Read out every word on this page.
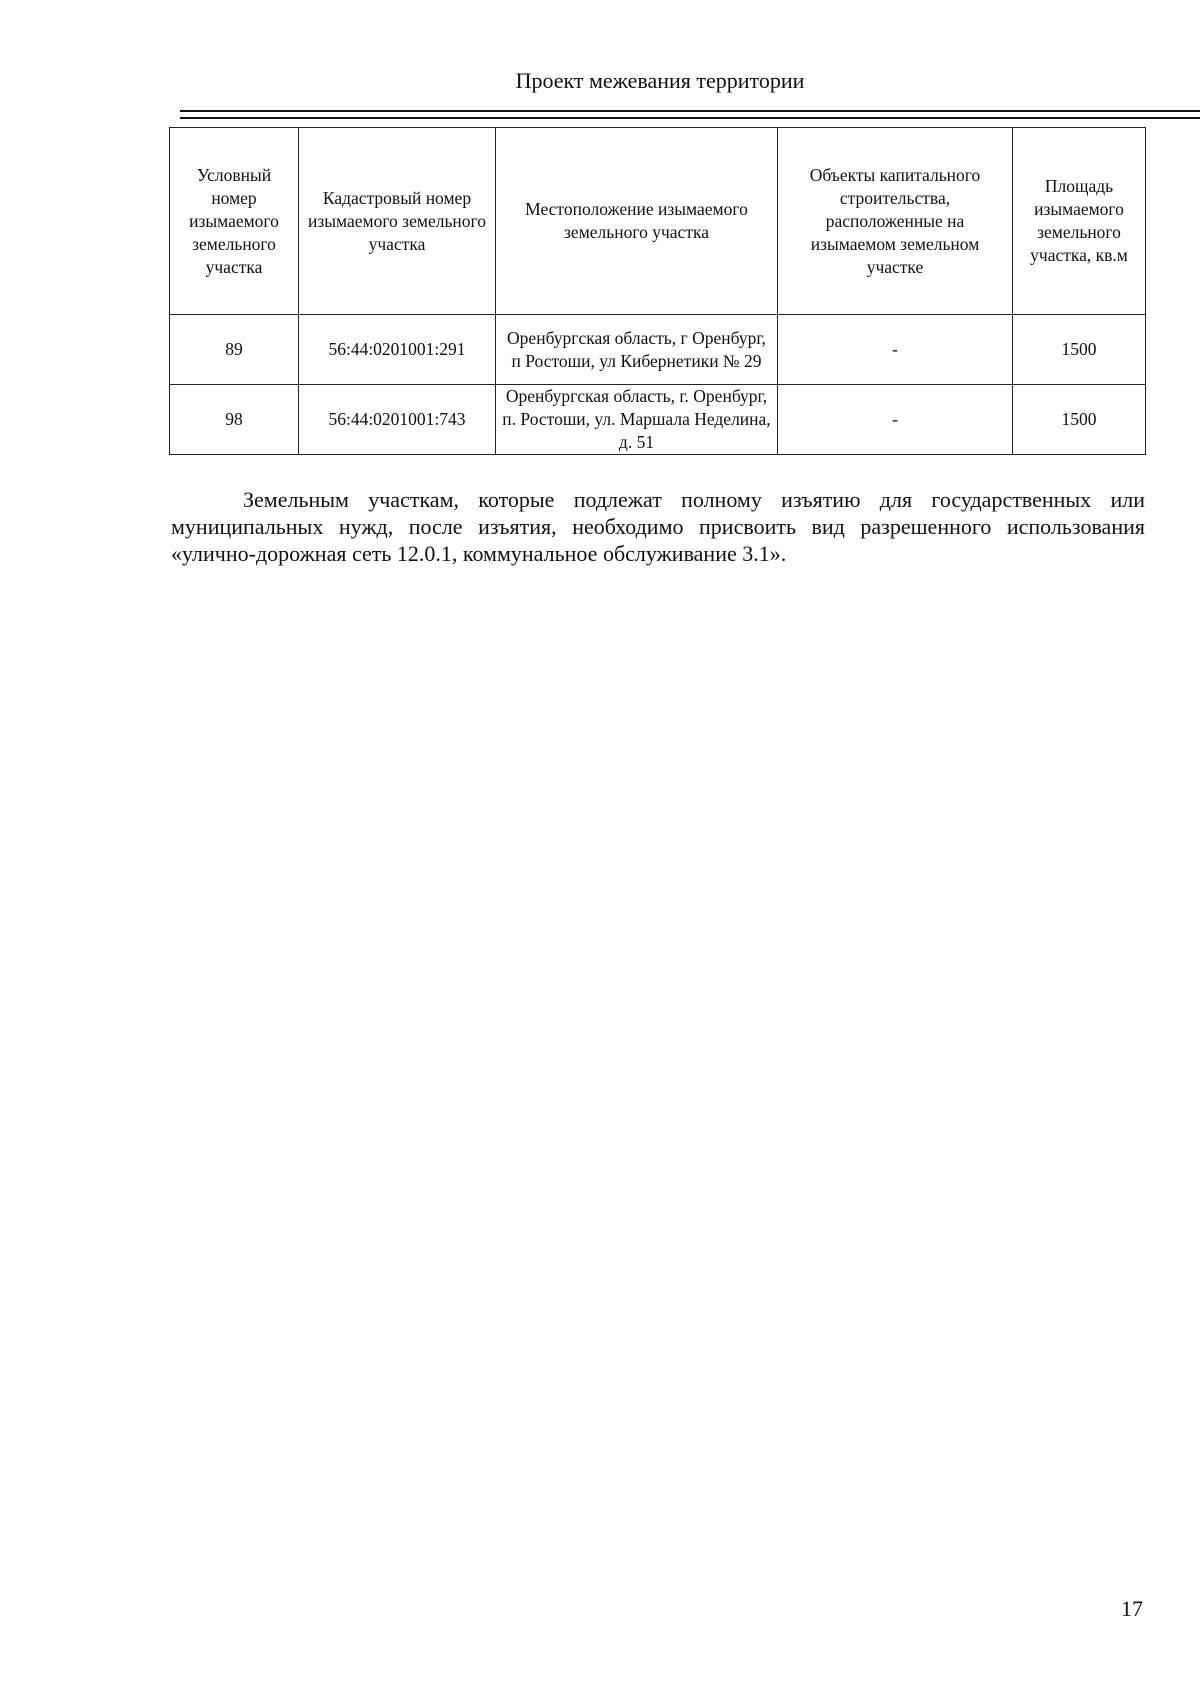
Проект межевания территории
Условный номер изымаемого земельного участка	Кадастровый номер изымаемого земельного участка	Местоположение изымаемого земельного участка	Объекты капитального строительства, расположенные на изымаемом земельном участке	Площадь изымаемого земельного участка, кв.м
89	56:44:0201001:291	Оренбургская область, г Оренбург, п Ростоши, ул Кибернетики № 29	-	1500
98	56:44:0201001:743	Оренбургская область, г. Оренбург, п. Ростоши, ул. Маршала Неделина, д. 51	-	1500

Земельным участкам, которые подлежат полному изъятию для государственных или муниципальных нужд, после изъятия, необходимо присвоить вид разрешенного использования «улично-дорожная сеть 12.0.1, коммунальное обслуживание 3.1».

17
